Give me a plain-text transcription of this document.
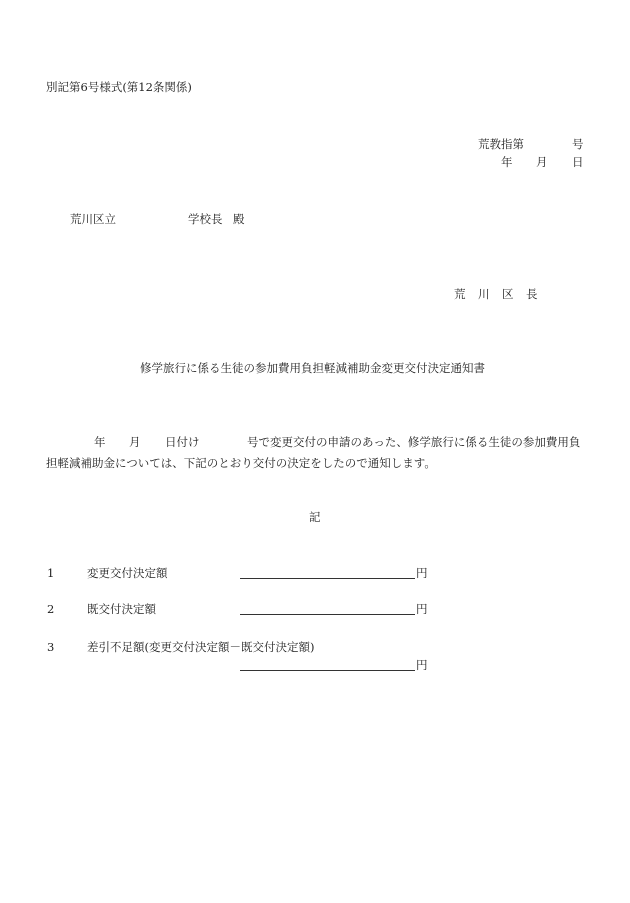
別記第6号様式(第12条関係)
荒教指第	号
年 月 日
荒川区立	学校長 殿
荒 川 区 長
修学旅行に係る生徒の参加費用負担軽減補助金変更交付決定通知書
年 月 日付け	号で変更交付の申請のあった、修学旅行に係る生徒の参加費用負
担軽減補助金については、下記のとおり交付の決定をしたので通知します。
記
1	変更交付決定額	円
2	既交付決定額	円
3	差引不足額(変更交付決定額－既交付決定額)
円
